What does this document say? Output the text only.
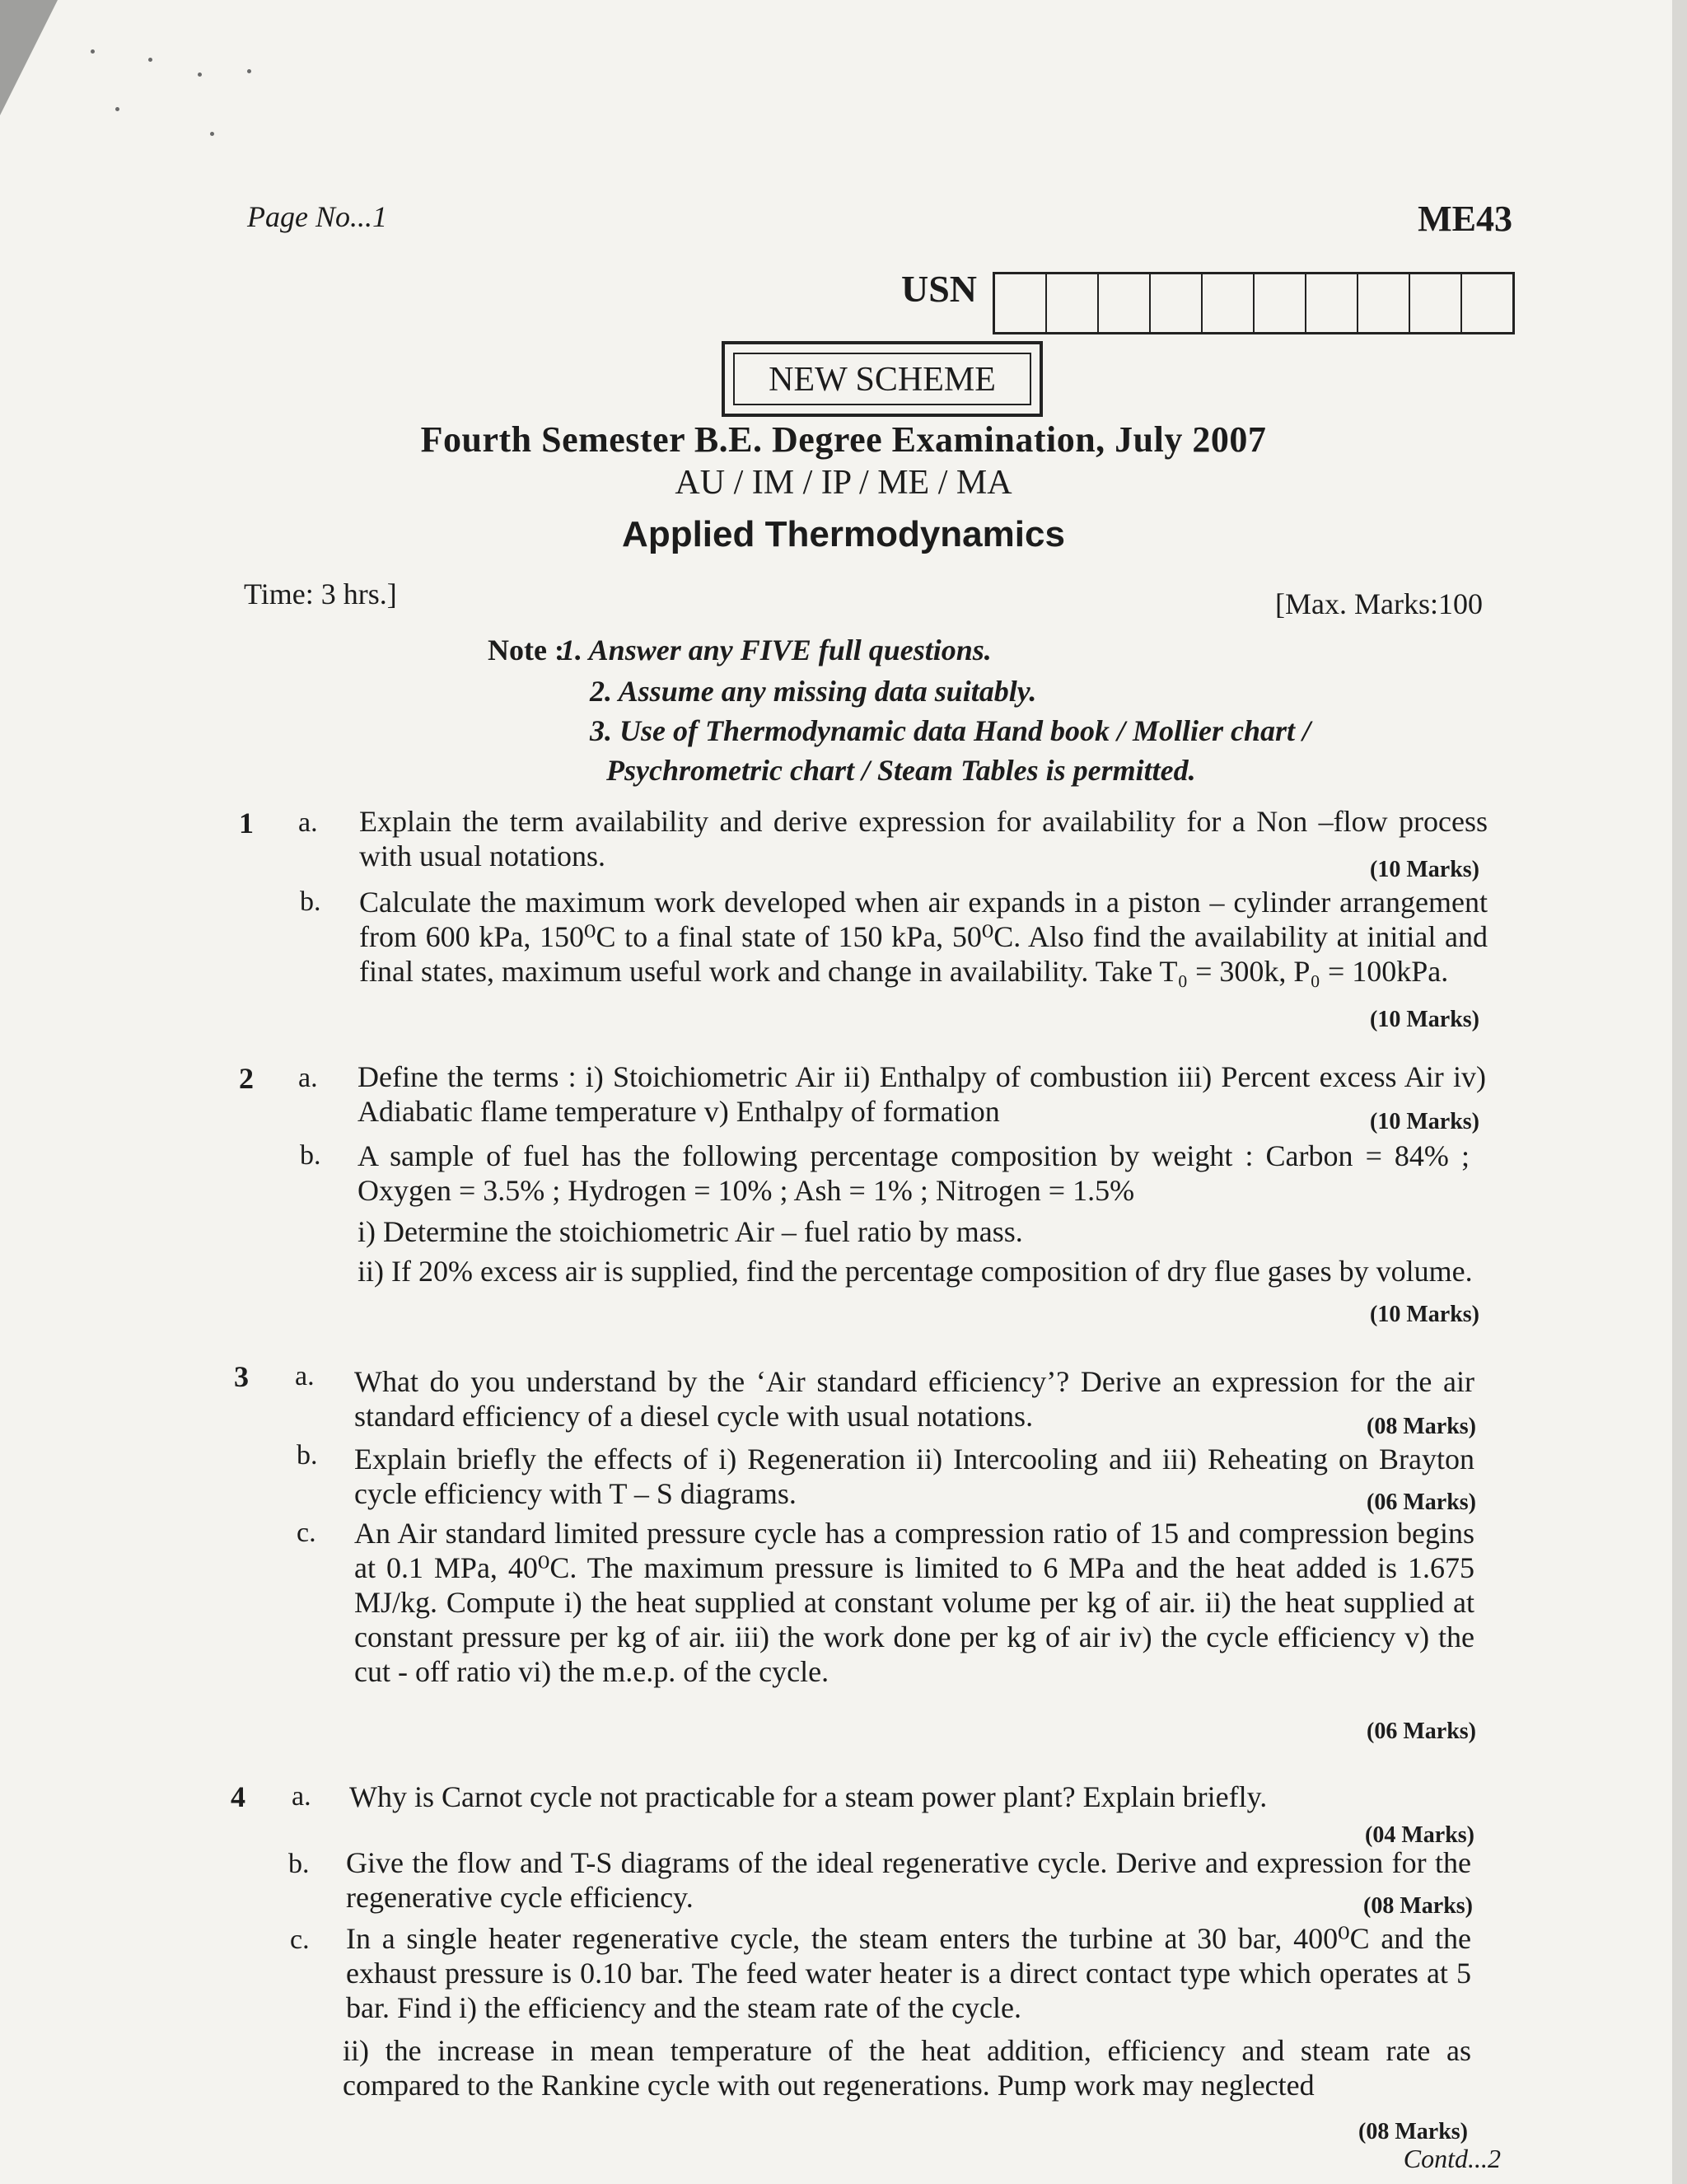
Page No...1	ME43
USN
NEW SCHEME
Fourth Semester B.E. Degree Examination, July 2007
AU / IM / IP / ME / MA
Applied Thermodynamics
Time: 3 hrs.]	[Max. Marks:100
Note :
1. Answer any FIVE full questions.
2. Assume any missing data suitably.
3. Use of Thermodynamic data Hand book / Mollier chart /
Psychrometric chart / Steam Tables is permitted.
1 a. Explain the term availability and derive expression for availability for a Non –flow process with usual notations.	(10 Marks)
b. Calculate the maximum work developed when air expands in a piston – cylinder arrangement from 600 kPa, 150⁰C to a final state of 150 kPa, 50⁰C. Also find the availability at initial and final states, maximum useful work and change in availability. Take T₀ = 300k, P₀ = 100kPa.
(10 Marks)
2 a. Define the terms : i) Stoichiometric Air ii) Enthalpy of combustion iii) Percent excess Air iv) Adiabatic flame temperature v) Enthalpy of formation	(10 Marks)
b. A sample of fuel has the following percentage composition by weight : Carbon = 84% ; Oxygen = 3.5% ; Hydrogen = 10% ; Ash = 1% ; Nitrogen = 1.5%
i) Determine the stoichiometric Air – fuel ratio by mass.
ii) If 20% excess air is supplied, find the percentage composition of dry flue gases by volume.
(10 Marks)
3 a. What do you understand by the ‘Air standard efficiency’? Derive an expression for the air standard efficiency of a diesel cycle with usual notations.	(08 Marks)
b. Explain briefly the effects of i) Regeneration ii) Intercooling and iii) Reheating on Brayton cycle efficiency with T – S diagrams.	(06 Marks)
c. An Air standard limited pressure cycle has a compression ratio of 15 and compression begins at 0.1 MPa, 40⁰C. The maximum pressure is limited to 6 MPa and the heat added is 1.675 MJ/kg. Compute i) the heat supplied at constant volume per kg of air. ii) the heat supplied at constant pressure per kg of air. iii) the work done per kg of air iv) the cycle efficiency v) the cut - off ratio vi) the m.e.p. of the cycle.
(06 Marks)
4 a. Why is Carnot cycle not practicable for a steam power plant? Explain briefly.
(04 Marks)
b. Give the flow and T-S diagrams of the ideal regenerative cycle. Derive and expression for the regenerative cycle efficiency.	(08 Marks)
c. In a single heater regenerative cycle, the steam enters the turbine at 30 bar, 400⁰C and the exhaust pressure is 0.10 bar. The feed water heater is a direct contact type which operates at 5 bar. Find i) the efficiency and the steam rate of the cycle.
ii) the increase in mean temperature of the heat addition, efficiency and steam rate as compared to the Rankine cycle with out regenerations. Pump work may neglected
(08 Marks)
Contd...2
